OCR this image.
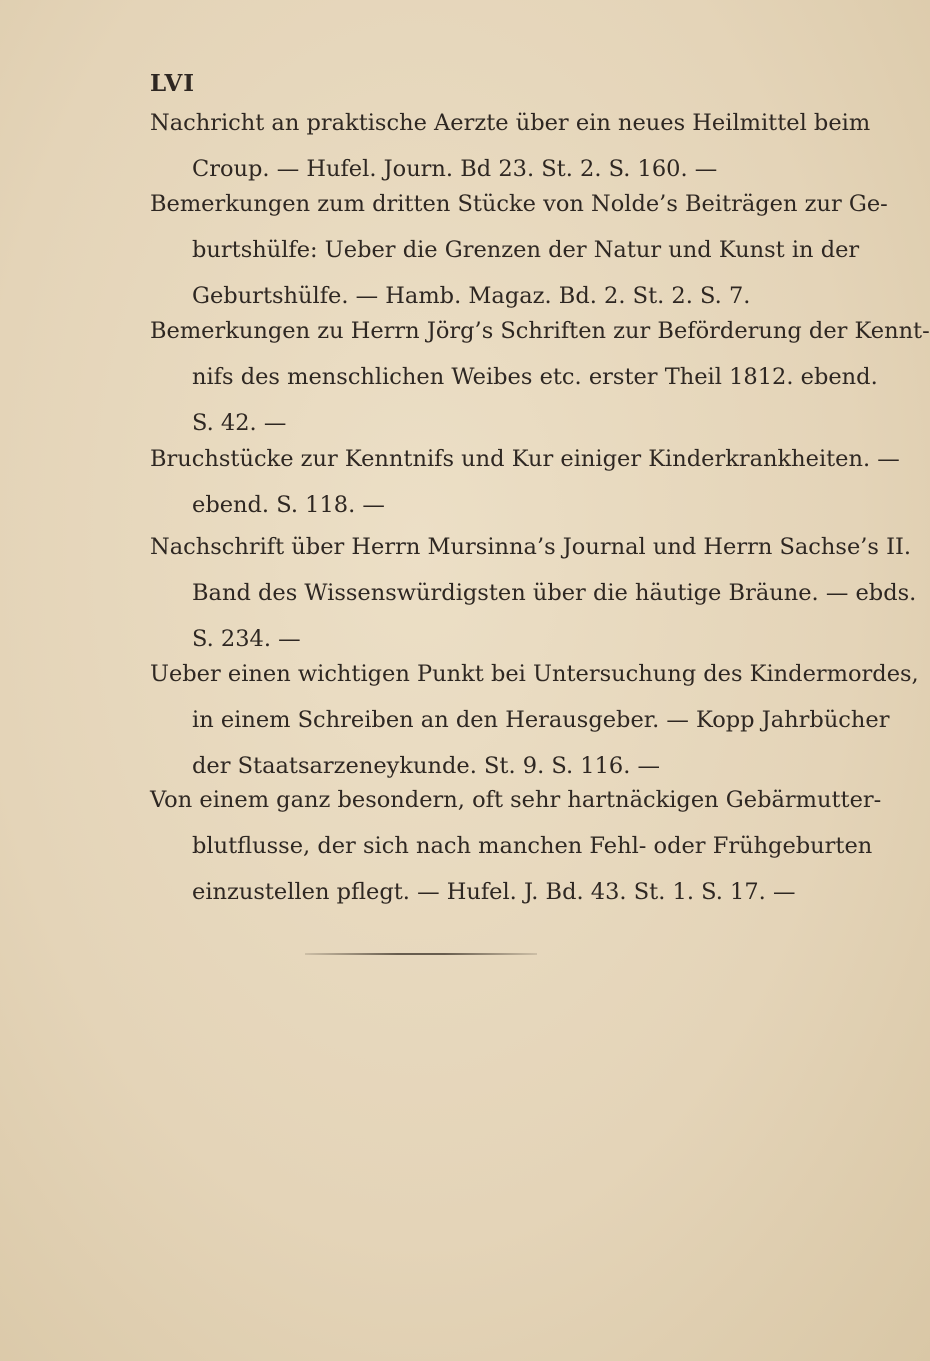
LVI
Nachricht an praktische Aerzte über ein neues Heilmittel beim
Croup. — Hufel. Journ. Bd 23. St. 2. S. 160. —
Bemerkungen zum dritten Stücke von Nolde’s Beiträgen zur Ge-
burtshülfe: Ueber die Grenzen der Natur und Kunst in der
Geburtshülfe. — Hamb. Magaz. Bd. 2. St. 2. S. 7.
Bemerkungen zu Herrn Jörg’s Schriften zur Beförderung der Kennt-
nifs des menschlichen Weibes etc. erster Theil 1812. ebend.
S. 42. —
Bruchstücke zur Kenntnifs und Kur einiger Kinderkrankheiten. —
ebend. S. 118. —
Nachschrift über Herrn Mursinna’s Journal und Herrn Sachse’s II.
Band des Wissenswürdigsten über die häutige Bräune. — ebds.
S. 234. —
Ueber einen wichtigen Punkt bei Untersuchung des Kindermordes,
in einem Schreiben an den Herausgeber. — Kopp Jahrbücher
der Staatsarzeneykunde. St. 9. S. 116. —
Von einem ganz besondern, oft sehr hartnäckigen Gebärmutter-
blutflusse, der sich nach manchen Fehl- oder Frühgeburten
einzustellen pflegt. — Hufel. J. Bd. 43. St. 1. S. 17. —
